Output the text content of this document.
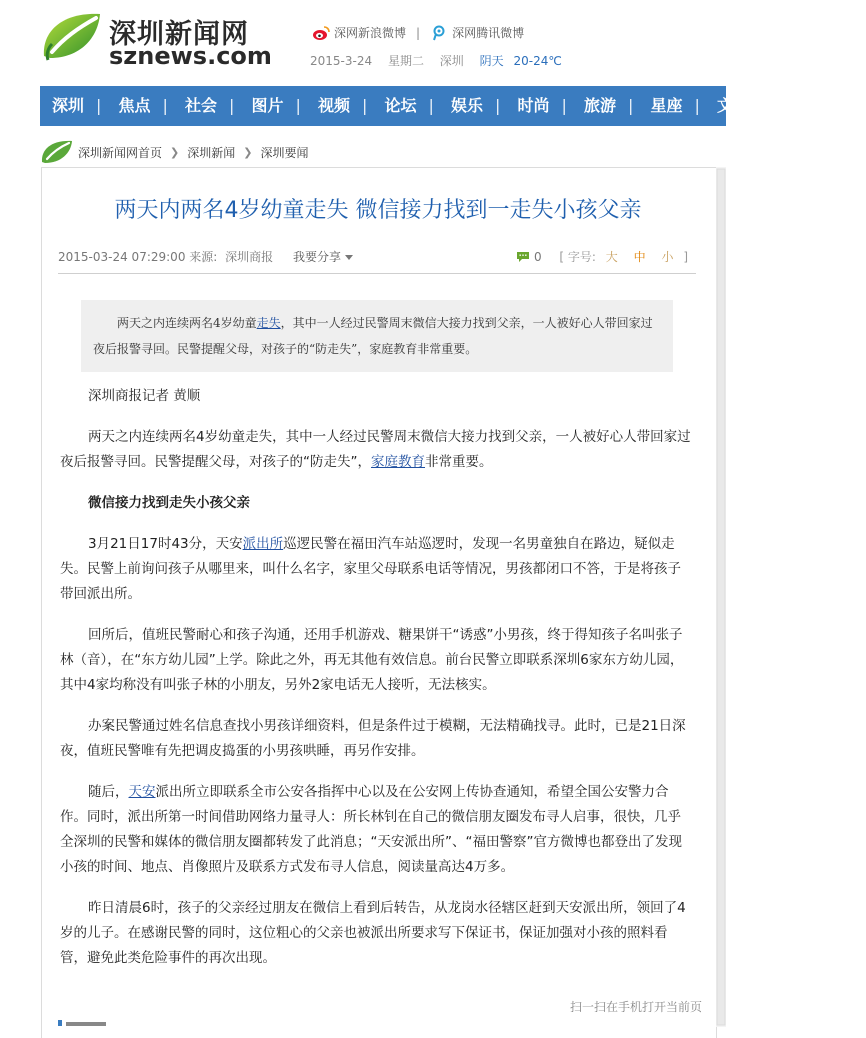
深圳新闻网
sznews.com
深网新浪微博 |	深网腾讯微博
2015-3-24 星期二 深圳 阴天 20-24℃
深圳 | 焦点 | 社会 | 图片 | 视频 | 论坛 | 娱乐 | 时尚 | 旅游 | 星座 | 文化 | 美食 | 生
深圳新闻网首页 ❯ 深圳新闻 ❯ 深圳要闻
两天内两名4岁幼童走失 微信接力找到一走失小孩父亲
2015-03-24 07:29:00 来源: 深圳商报 我要分享	0 [ 字号: 大 中 小 ]

两天之内连续两名4岁幼童走失，其中一人经过民警周末微信大接力找到父亲，一人被好心人带回家过夜后报警寻回。民警提醒父母，对孩子的“防走失”，家庭教育非常重要。

深圳商报记者 黄顺

两天之内连续两名4岁幼童走失，其中一人经过民警周末微信大接力找到父亲，一人被好心人带回家过夜后报警寻回。民警提醒父母，对孩子的“防走失”，家庭教育非常重要。

微信接力找到走失小孩父亲

3月21日17时43分，天安派出所巡逻民警在福田汽车站巡逻时，发现一名男童独自在路边，疑似走失。民警上前询问孩子从哪里来，叫什么名字，家里父母联系电话等情况，男孩都闭口不答，于是将孩子带回派出所。

回所后，值班民警耐心和孩子沟通，还用手机游戏、糖果饼干“诱惑”小男孩，终于得知孩子名叫张子林（音），在“东方幼儿园”上学。除此之外，再无其他有效信息。前台民警立即联系深圳6家东方幼儿园，其中4家均称没有叫张子林的小朋友，另外2家电话无人接听，无法核实。

办案民警通过姓名信息查找小男孩详细资料，但是条件过于模糊，无法精确找寻。此时，已是21日深夜，值班民警唯有先把调皮捣蛋的小男孩哄睡，再另作安排。

随后，天安派出所立即联系全市公安各指挥中心以及在公安网上传协查通知，希望全国公安警力合作。同时，派出所第一时间借助网络力量寻人：所长林钊在自己的微信朋友圈发布寻人启事，很快，几乎全深圳的民警和媒体的微信朋友圈都转发了此消息；“天安派出所”、“福田警察”官方微博也都登出了发现小孩的时间、地点、肖像照片及联系方式发布寻人信息，阅读量高达4万多。

昨日清晨6时，孩子的父亲经过朋友在微信上看到后转告，从龙岗水径辖区赶到天安派出所，领回了4岁的儿子。在感谢民警的同时，这位粗心的父亲也被派出所要求写下保证书，保证加强对小孩的照料看管，避免此类危险事件的再次出现。

扫一扫在手机打开当前页
